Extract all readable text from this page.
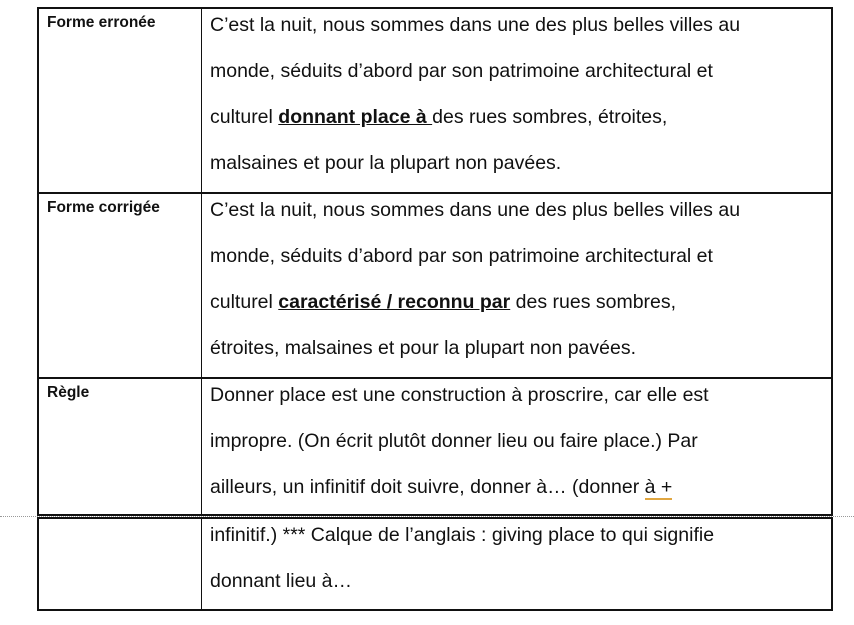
Forme erronée	C’est la nuit, nous sommes dans une des plus belles villes au
monde, séduits d’abord par son patrimoine architectural et
culturel donnant place à des rues sombres, étroites,
malsaines et pour la plupart non pavées.
Forme corrigée	C’est la nuit, nous sommes dans une des plus belles villes au
monde, séduits d’abord par son patrimoine architectural et
culturel caractérisé / reconnu par des rues sombres,
étroites, malsaines et pour la plupart non pavées.
Règle	Donner place est une construction à proscrire, car elle est
impropre. (On écrit plutôt donner lieu ou faire place.) Par
ailleurs, un infinitif doit suivre, donner à… (donner à +
infinitif.) *** Calque de l’anglais : giving place to qui signifie
donnant lieu à…
